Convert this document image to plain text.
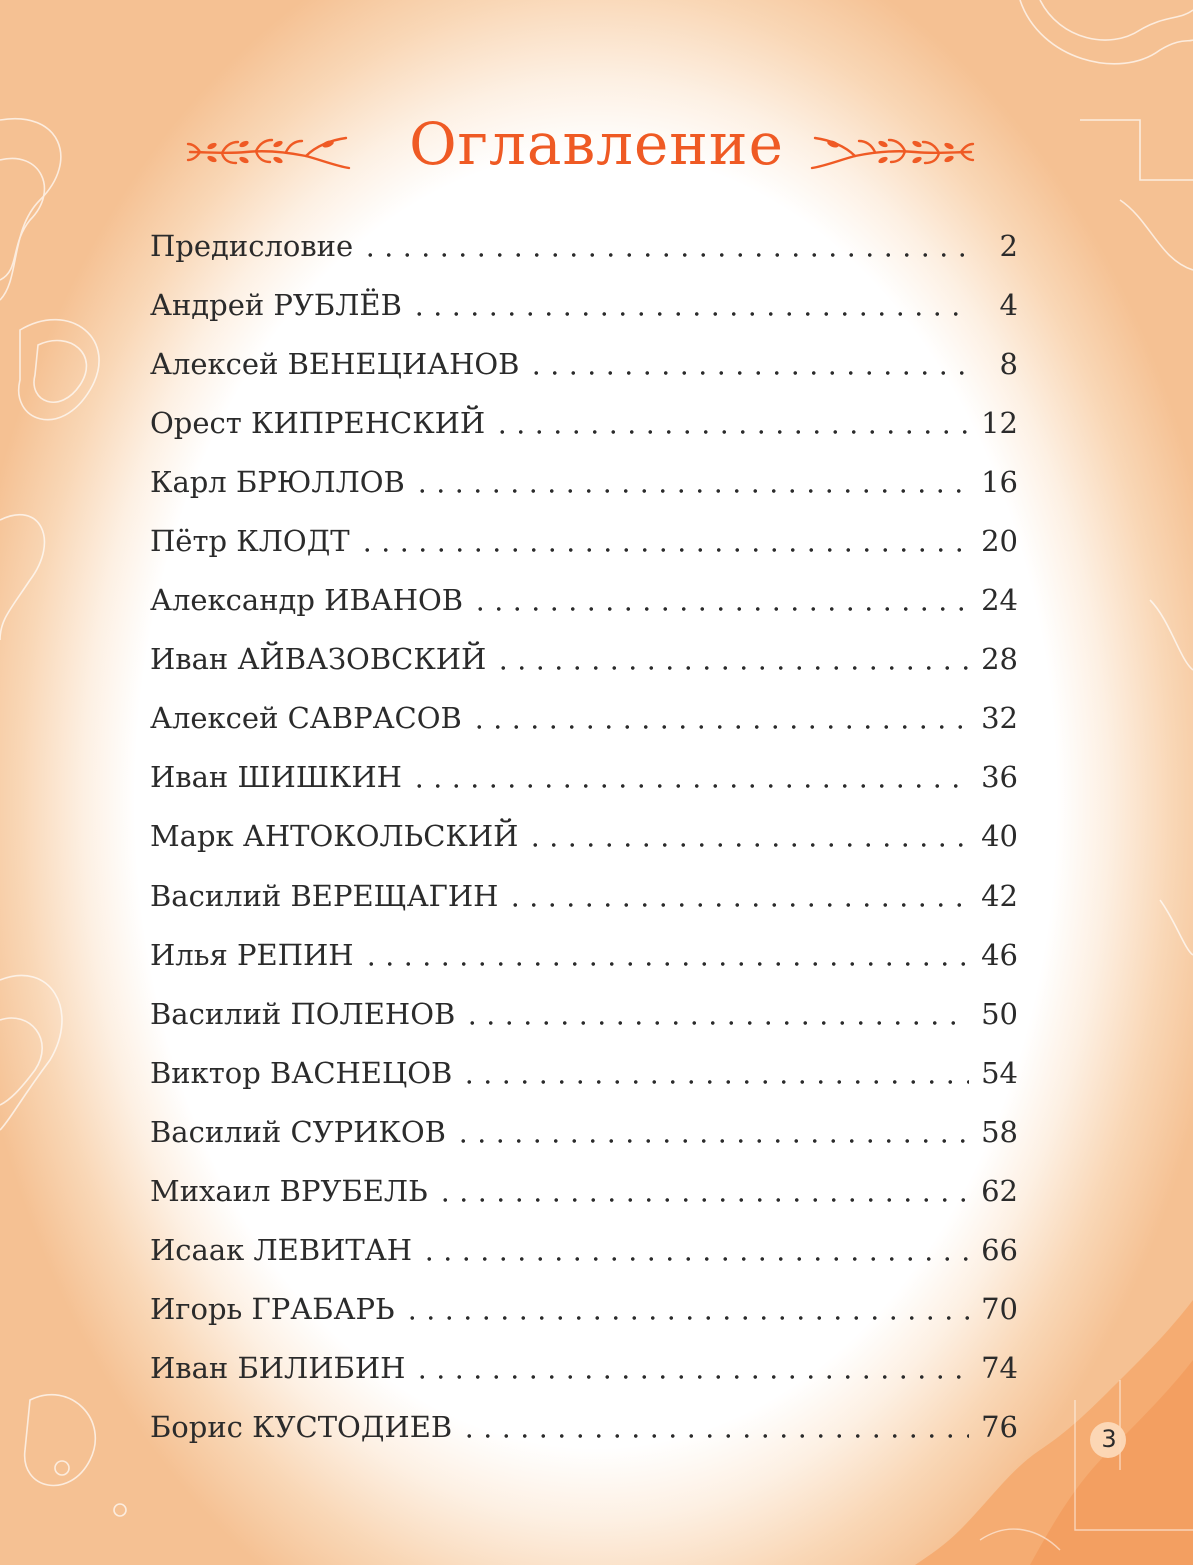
Оглавление
Предисловие	2
Андрей РУБЛЁВ	4
Алексей ВЕНЕЦИАНОВ	8
Орест КИПРЕНСКИЙ	12
Карл БРЮЛЛОВ	16
Пётр КЛОДТ	20
Александр ИВАНОВ	24
Иван АЙВАЗОВСКИЙ	28
Алексей САВРАСОВ	32
Иван ШИШКИН	36
Марк АНТОКОЛЬСКИЙ	40
Василий ВЕРЕЩАГИН	42
Илья РЕПИН	46
Василий ПОЛЕНОВ	50
Виктор ВАСНЕЦОВ	54
Василий СУРИКОВ	58
Михаил ВРУБЕЛЬ	62
Исаак ЛЕВИТАН	66
Игорь ГРАБАРЬ	70
Иван БИЛИБИН	74
Борис КУСТОДИЕВ	76	3
